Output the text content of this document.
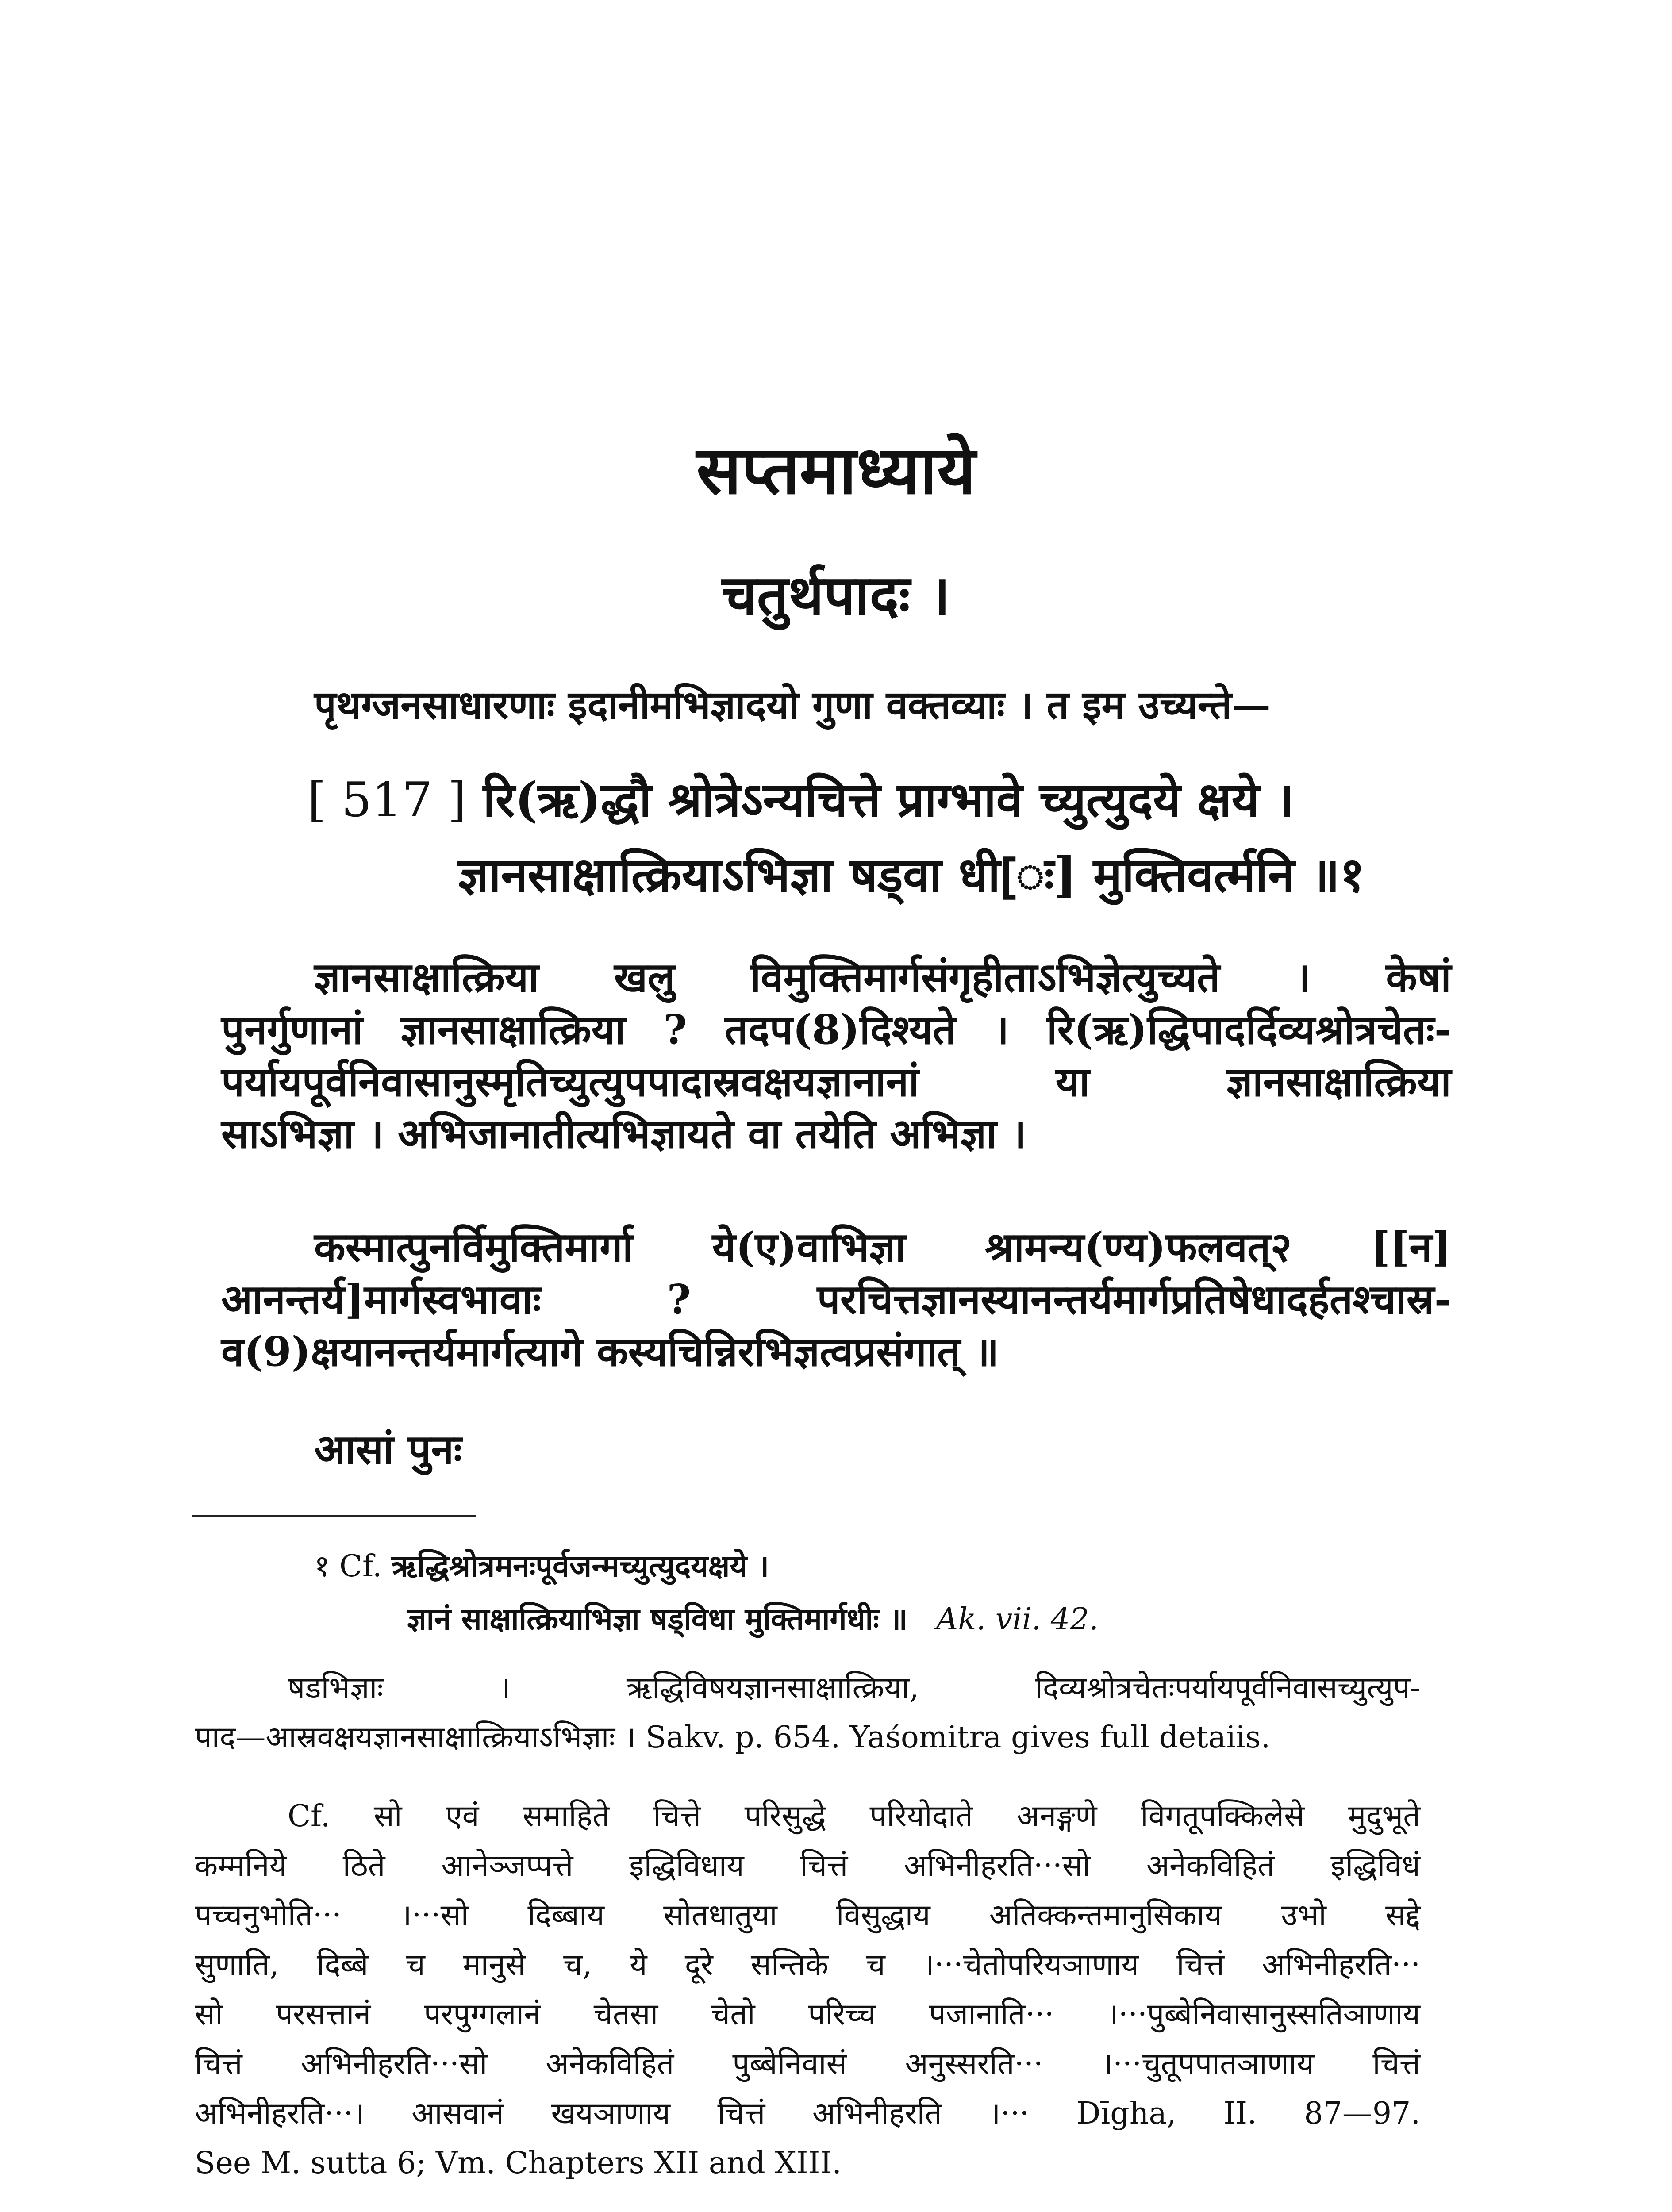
सप्तमाध्याये
चतुर्थपादः ।
पृथग्जनसाधारणाः इदानीमभिज्ञादयो गुणा वक्तव्याः । त इम उच्यन्ते—
[ 517 ] रि(ऋ)द्धौ श्रोत्रेऽन्यचित्ते प्राग्भावे च्युत्युदये क्षये ।
ज्ञानसाक्षात्क्रियाऽभिज्ञा षड्वा धी[ः] मुक्तिवर्त्मनि ॥१
ज्ञानसाक्षात्क्रिया खलु विमुक्तिमार्गसंगृहीताऽभिज्ञेत्युच्यते । केषां
पुनर्गुणानां ज्ञानसाक्षात्क्रिया ? तदप(8)दिश्यते । रि(ऋ)द्धिपादर्दिव्यश्रोत्रचेतः-
पर्यायपूर्वनिवासानुस्मृतिच्युत्युपपादास्रवक्षयज्ञानानां या ज्ञानसाक्षात्क्रिया
साऽभिज्ञा । अभिजानातीत्यभिज्ञायते वा तयेति अभिज्ञा ।
कस्मात्पुनर्विमुक्तिमार्गा ये(ए)वाभिज्ञा श्रामन्य(ण्य)फलवत्२ [[न]
आनन्तर्य]मार्गस्वभावाः ? परचित्तज्ञानस्यानन्तर्यमार्गप्रतिषेधादर्हतश्चास्र-
व(9)क्षयानन्तर्यमार्गत्यागे कस्यचिन्निरभिज्ञत्वप्रसंगात् ॥
आसां पुनः
१ Cf. ऋद्धिश्रोत्रमनःपूर्वजन्मच्युत्युदयक्षये ।
ज्ञानं साक्षात्क्रियाभिज्ञा षड्विधा मुक्तिमार्गधीः ॥ Ak. vii. 42.
षडभिज्ञाः । ऋद्धिविषयज्ञानसाक्षात्क्रिया, दिव्यश्रोत्रचेतःपर्यायपूर्वनिवासच्युत्युप-
पाद—आस्रवक्षयज्ञानसाक्षात्क्रियाऽभिज्ञाः । Sakv. p. 654. Yaśomitra gives full detaiis.
Cf. सो एवं समाहिते चित्ते परिसुद्धे परियोदाते अनङ्गणे विगतूपक्किलेसे मुदुभूते
कम्मनिये ठिते आनेञ्जप्पत्ते इद्धिविधाय चित्तं अभिनीहरति···सो अनेकविहितं इद्धिविधं
पच्चनुभोति··· ।···सो दिब्बाय सोतधातुया विसुद्धाय अतिक्कन्तमानुसिकाय उभो सद्दे
सुणाति, दिब्बे च मानुसे च, ये दूरे सन्तिके च ।···चेतोपरियञाणाय चित्तं अभिनीहरति···
सो परसत्तानं परपुग्गलानं चेतसा चेतो परिच्च पजानाति··· ।···पुब्बेनिवासानुस्सतिञाणाय
चित्तं अभिनीहरति···सो अनेकविहितं पुब्बेनिवासं अनुस्सरति··· ।···चुतूपपातञाणाय चित्तं
अभिनीहरति···। आसवानं खयञाणाय चित्तं अभिनीहरति ।··· Dīgha, II. 87—97.
See M. sutta 6; Vm. Chapters XII and XIII.
